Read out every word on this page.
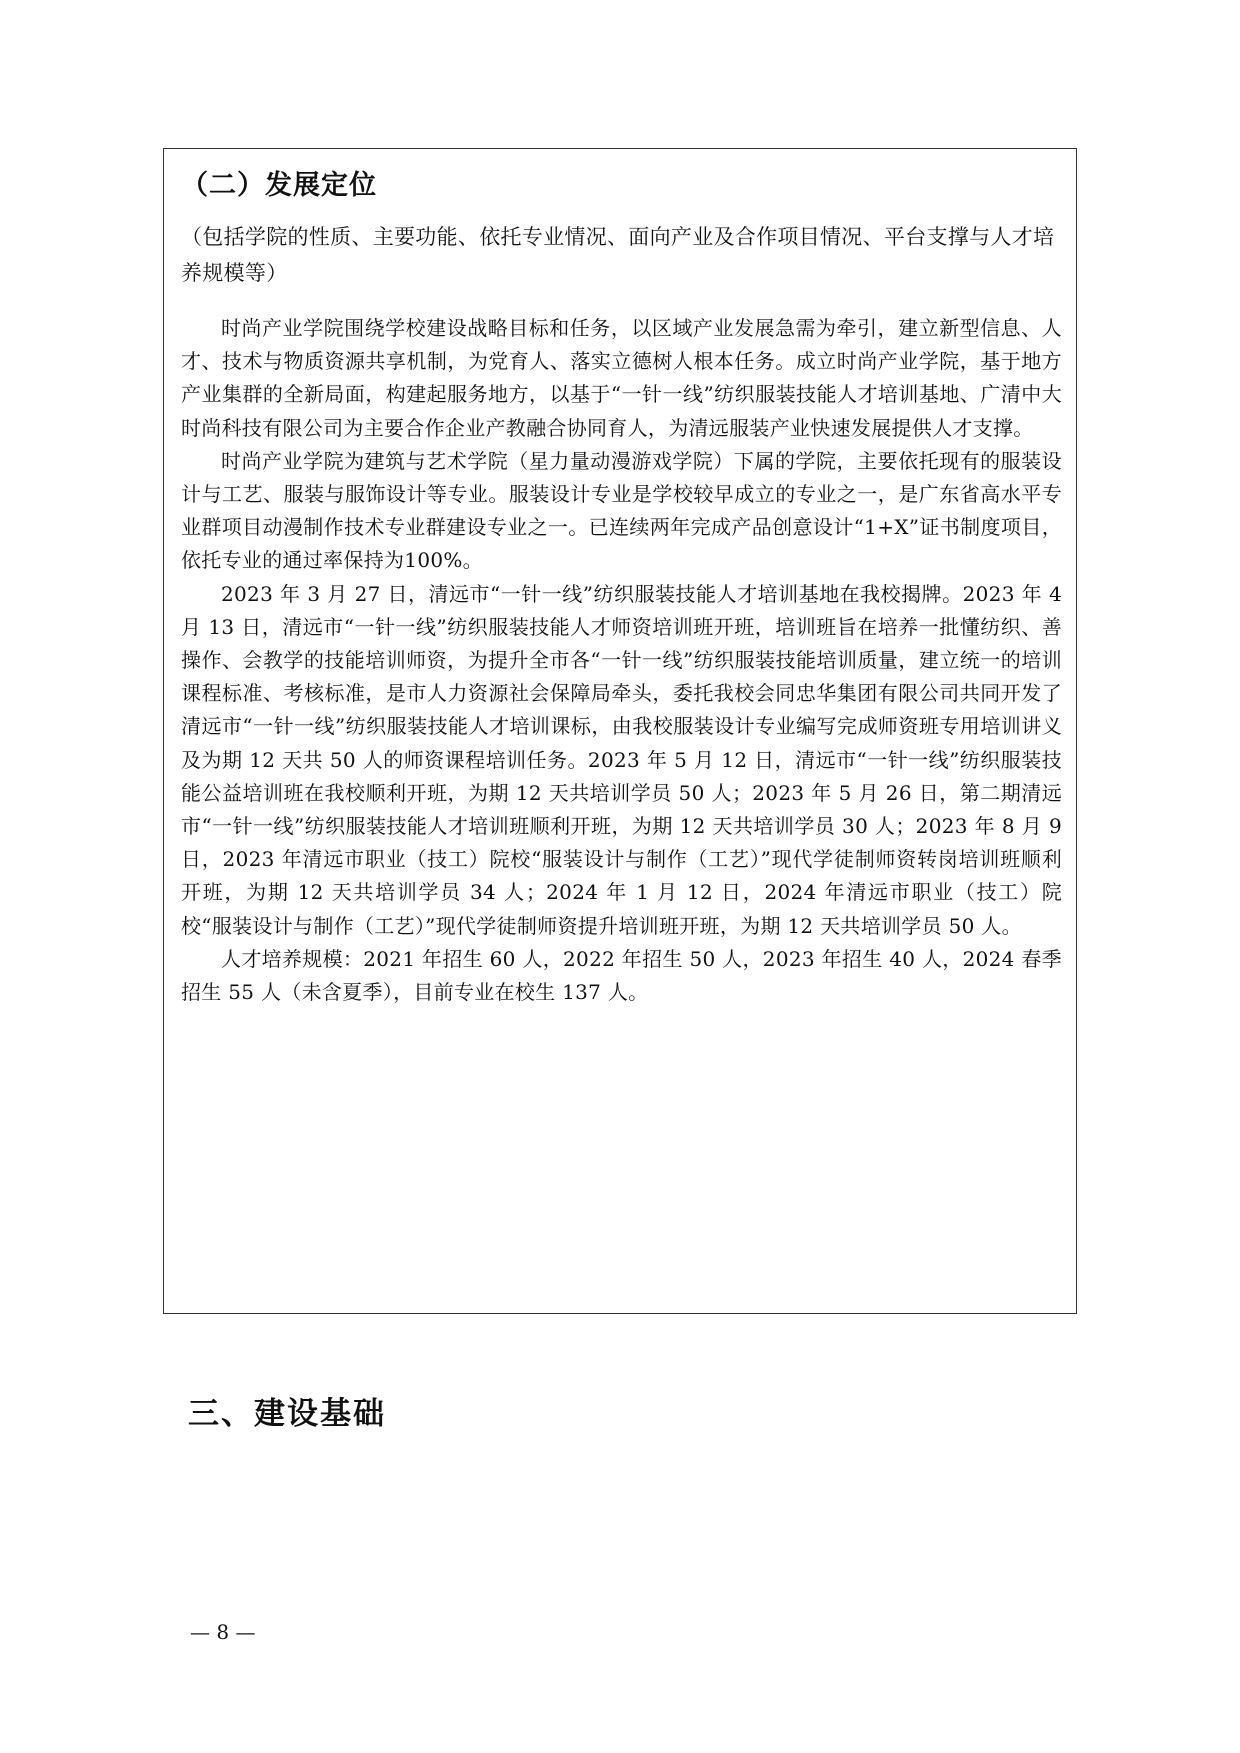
（二）发展定位
（包括学院的性质、主要功能、依托专业情况、面向产业及合作项目情况、平台支撑与人才培养规模等）

时尚产业学院围绕学校建设战略目标和任务，以区域产业发展急需为牵引，建立新型信息、人才、技术与物质资源共享机制，为党育人、落实立德树人根本任务。成立时尚产业学院，基于地方产业集群的全新局面，构建起服务地方，以基于“一针一线”纺织服装技能人才培训基地、广清中大时尚科技有限公司为主要合作企业产教融合协同育人，为清远服装产业快速发展提供人才支撑。

时尚产业学院为建筑与艺术学院（星力量动漫游戏学院）下属的学院，主要依托现有的服装设计与工艺、服装与服饰设计等专业。服装设计专业是学校较早成立的专业之一，是广东省高水平专业群项目动漫制作技术专业群建设专业之一。已连续两年完成产品创意设计“1+X”证书制度项目，依托专业的通过率保持为100%。

2023 年 3 月 27 日，清远市“一针一线”纺织服装技能人才培训基地在我校揭牌。2023 年 4 月 13 日，清远市“一针一线”纺织服装技能人才师资培训班开班，培训班旨在培养一批懂纺织、善操作、会教学的技能培训师资，为提升全市各“一针一线”纺织服装技能培训质量，建立统一的培训课程标准、考核标准，是市人力资源社会保障局牵头，委托我校会同忠华集团有限公司共同开发了清远市“一针一线”纺织服装技能人才培训课标，由我校服装设计专业编写完成师资班专用培训讲义及为期 12 天共 50 人的师资课程培训任务。2023 年 5 月 12 日，清远市“一针一线”纺织服装技能公益培训班在我校顺利开班，为期 12 天共培训学员 50 人；2023 年 5 月 26 日，第二期清远市“一针一线”纺织服装技能人才培训班顺利开班，为期 12 天共培训学员 30 人；2023 年 8 月 9 日，2023 年清远市职业（技工）院校“服装设计与制作（工艺）”现代学徒制师资转岗培训班顺利开班，为期 12 天共培训学员 34 人；2024 年 1 月 12 日，2024 年清远市职业（技工）院校“服装设计与制作（工艺）”现代学徒制师资提升培训班开班，为期 12 天共培训学员 50 人。

人才培养规模：2021 年招生 60 人，2022 年招生 50 人，2023 年招生 40 人，2024 春季招生 55 人（未含夏季），目前专业在校生 137 人。

三、建设基础
— 8 —
